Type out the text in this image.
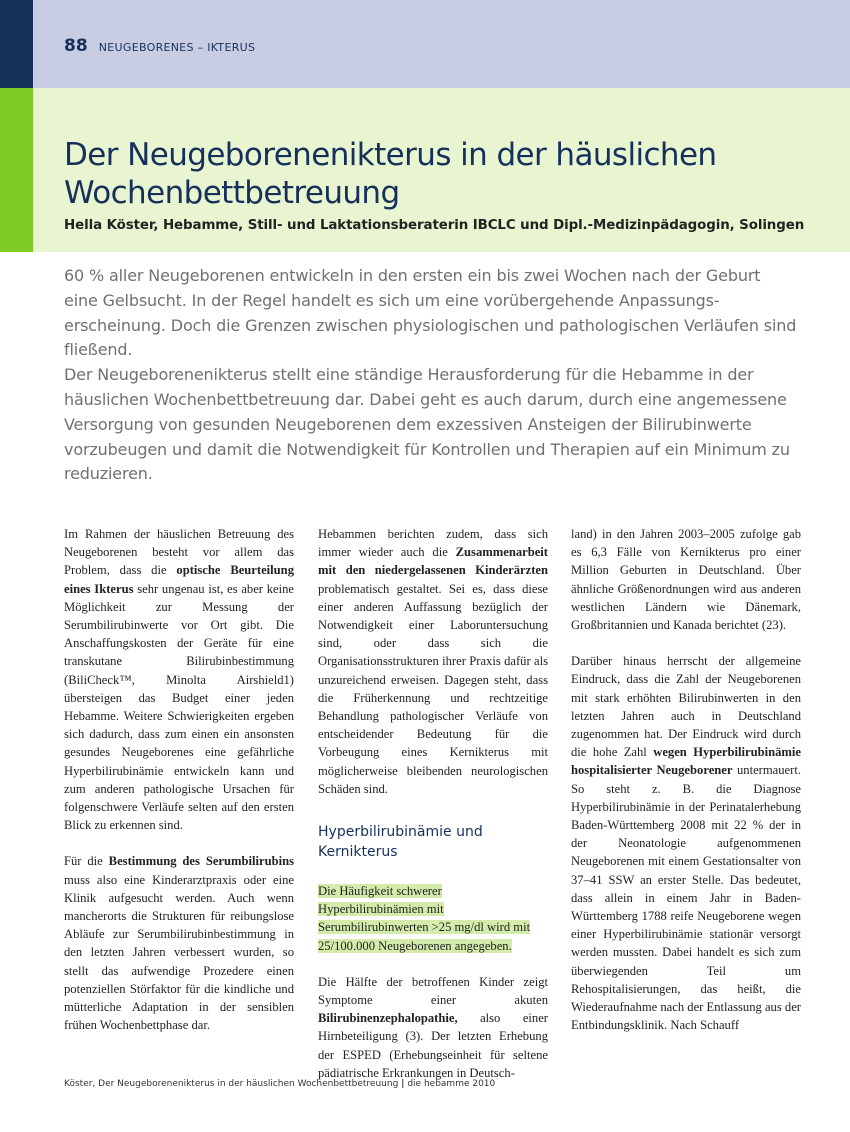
88 NEUGEBORENES – IKTERUS
Der Neugeborenenikterus in der häuslichen Wochenbettbetreuung
Hella Köster, Hebamme, Still- und Laktationsberaterin IBCLC und Dipl.-Medizinpädagogin, Solingen

60 % aller Neugeborenen entwickeln in den ersten ein bis zwei Wochen nach der Geburt eine Gelbsucht. In der Regel handelt es sich um eine vorübergehende Anpassungserscheinung. Doch die Grenzen zwischen physiologischen und pathologischen Verläufen sind fließend.

Der Neugeborenenikterus stellt eine ständige Herausforderung für die Hebamme in der häuslichen Wochenbettbetreuung dar. Dabei geht es auch darum, durch eine angemessene Versorgung von gesunden Neugeborenen dem exzessiven Ansteigen der Bilirubinwerte vorzubeugen und damit die Notwendigkeit für Kontrollen und Therapien auf ein Minimum zu reduzieren.

Im Rahmen der häuslichen Betreuung des Neugeborenen besteht vor allem das Problem, dass die optische Beurteilung eines Ikterus sehr ungenau ist, es aber keine Möglichkeit zur Messung der Serumbilirubinwerte vor Ort gibt. Die Anschaffungskosten der Geräte für eine transkutane Bilirubinbestimmung (BiliCheck™, Minolta Airshield1) übersteigen das Budget einer jeden Hebamme. Weitere Schwierigkeiten ergeben sich dadurch, dass zum einen ein ansonsten gesundes Neugeborenes eine gefährliche Hyperbilirubinämie entwickeln kann und zum anderen pathologische Ursachen für folgenschwere Verläufe selten auf den ersten Blick zu erkennen sind.

Für die Bestimmung des Serumbilirubins muss also eine Kinderarztpraxis oder eine Klinik aufgesucht werden. Auch wenn mancherorts die Strukturen für reibungslose Abläufe zur Serumbilirubinbestimmung in den letzten Jahren verbessert wurden, so stellt das aufwendige Prozedere einen potenziellen Störfaktor für die kindliche und mütterliche Adaptation in der sensiblen frühen Wochenbettphase dar.

Hebammen berichten zudem, dass sich immer wieder auch die Zusammenarbeit mit den niedergelassenen Kinderärzten problematisch gestaltet. Sei es, dass diese einer anderen Auffassung bezüglich der Notwendigkeit einer Laboruntersuchung sind, oder dass sich die Organisationsstrukturen ihrer Praxis dafür als unzureichend erweisen. Dagegen steht, dass die Früherkennung und rechtzeitige Behandlung pathologischer Verläufe von entscheidender Bedeutung für die Vorbeugung eines Kernikterus mit möglicherweise bleibenden neurologischen Schäden sind.

Hyperbilirubinämie und Kernikterus
Die Häufigkeit schwerer Hyperbilirubinämien mit Serumbilirubinwerten >25 mg/dl wird mit 25/100.000 Neugeborenen angegeben.

Die Hälfte der betroffenen Kinder zeigt Symptome einer akuten Bilirubinenzephalopathie, also einer Hirnbeteiligung (3). Der letzten Erhebung der ESPED (Erhebungseinheit für seltene pädiatrische Erkrankungen in Deutsch-

land) in den Jahren 2003–2005 zufolge gab es 6,3 Fälle von Kernikterus pro einer Million Geburten in Deutschland. Über ähnliche Größenordnungen wird aus anderen westlichen Ländern wie Dänemark, Großbritannien und Kanada berichtet (23).

Darüber hinaus herrscht der allgemeine Eindruck, dass die Zahl der Neugeborenen mit stark erhöhten Bilirubinwerten in den letzten Jahren auch in Deutschland zugenommen hat. Der Eindruck wird durch die hohe Zahl wegen Hyperbilirubinämie hospitalisierter Neugeborener untermauert. So steht z. B. die Diagnose Hyperbilirubinämie in der Perinatalerhebung Baden-Württemberg 2008 mit 22 % der in der Neonatologie aufgenommenen Neugeborenen mit einem Gestationsalter von 37–41 SSW an erster Stelle. Das bedeutet, dass allein in einem Jahr in Baden-Württemberg 1788 reife Neugeborene wegen einer Hyperbilirubinämie stationär versorgt werden mussten. Dabei handelt es sich zum überwiegenden Teil um Rehospitalisierungen, das heißt, die Wiederaufnahme nach der Entlassung aus der Entbindungsklinik. Nach Schauff

Köster, Der Neugeborenenikterus in der häuslichen Wochenbettbetreuung | die hebamme 2010
